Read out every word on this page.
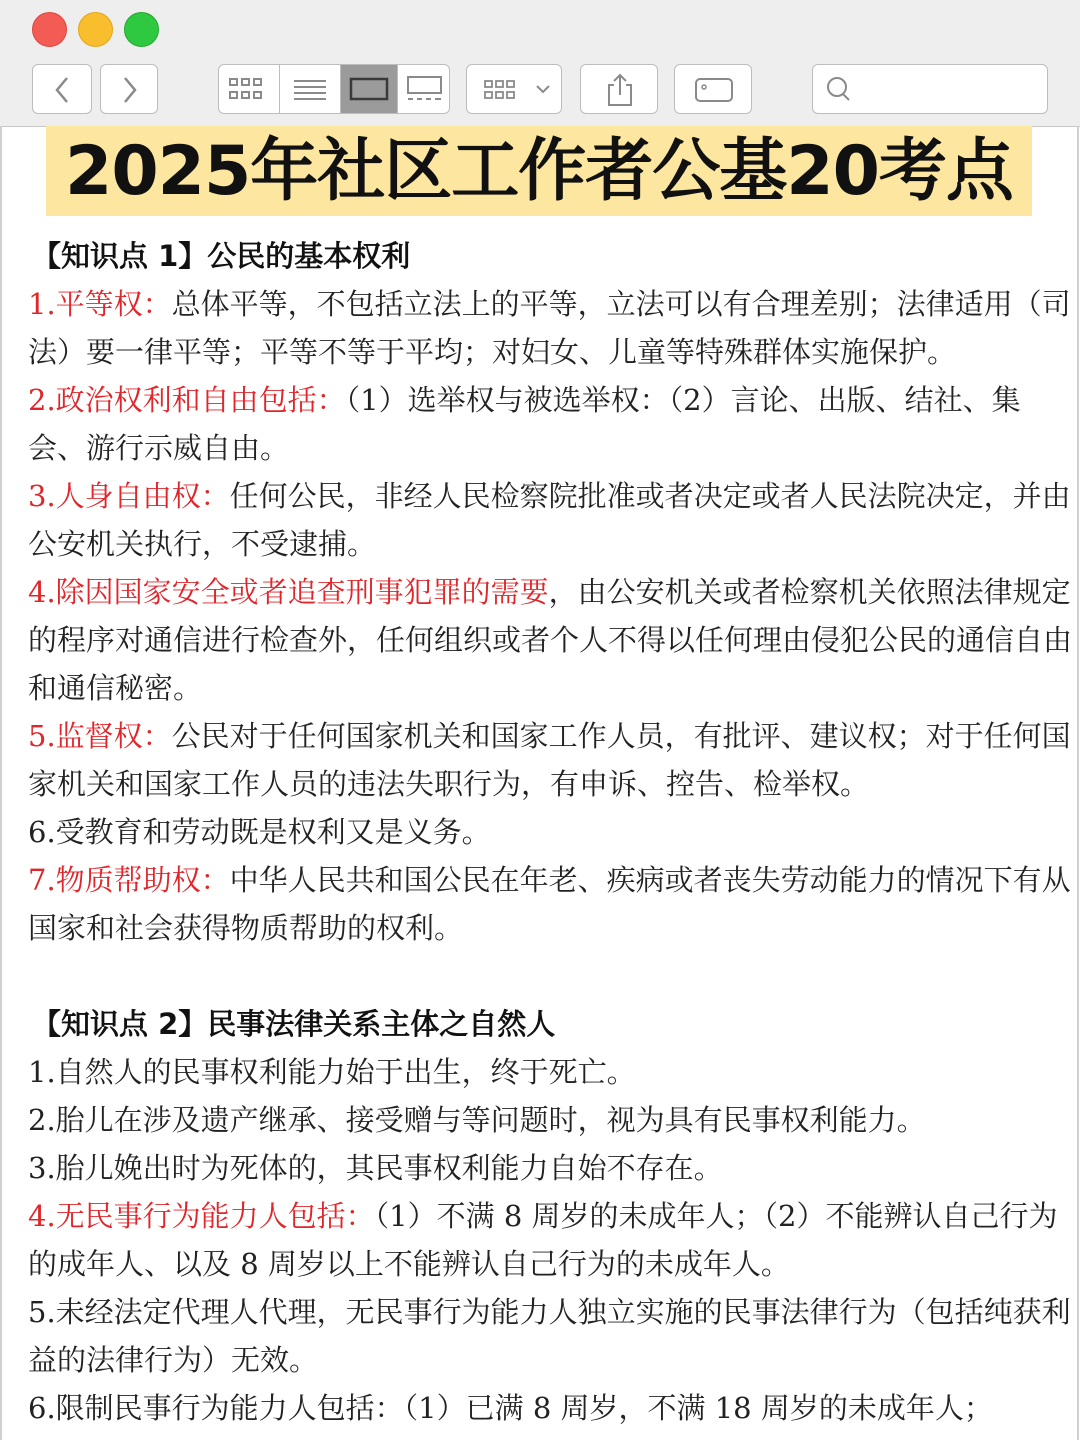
2025年社区工作者公基20考点
【知识点 1】公民的基本权利

1.平等权：总体平等，不包括立法上的平等，立法可以有合理差别；法律适用（司法）要一律平等；平等不等于平均；对妇女、儿童等特殊群体实施保护。

2.政治权利和自由包括：（1）选举权与被选举权：（2）言论、出版、结社、集会、游行示威自由。

3.人身自由权：任何公民，非经人民检察院批准或者决定或者人民法院决定，并由公安机关执行，不受逮捕。

4.除因国家安全或者追查刑事犯罪的需要，由公安机关或者检察机关依照法律规定的程序对通信进行检查外，任何组织或者个人不得以任何理由侵犯公民的通信自由和通信秘密。

5.监督权：公民对于任何国家机关和国家工作人员，有批评、建议权；对于任何国家机关和国家工作人员的违法失职行为，有申诉、控告、检举权。

6.受教育和劳动既是权利又是义务。

7.物质帮助权：中华人民共和国公民在年老、疾病或者丧失劳动能力的情况下有从国家和社会获得物质帮助的权利。

【知识点 2】民事法律关系主体之自然人

1.自然人的民事权利能力始于出生，终于死亡。

2.胎儿在涉及遗产继承、接受赠与等问题时，视为具有民事权利能力。

3.胎儿娩出时为死体的，其民事权利能力自始不存在。

4.无民事行为能力人包括：（1）不满 8 周岁的未成年人；（2）不能辨认自己行为的成年人、以及 8 周岁以上不能辨认自己行为的未成年人。

5.未经法定代理人代理，无民事行为能力人独立实施的民事法律行为（包括纯获利益的法律行为）无效。

6.限制民事行为能力人包括：（1）已满 8 周岁，不满 18 周岁的未成年人；
